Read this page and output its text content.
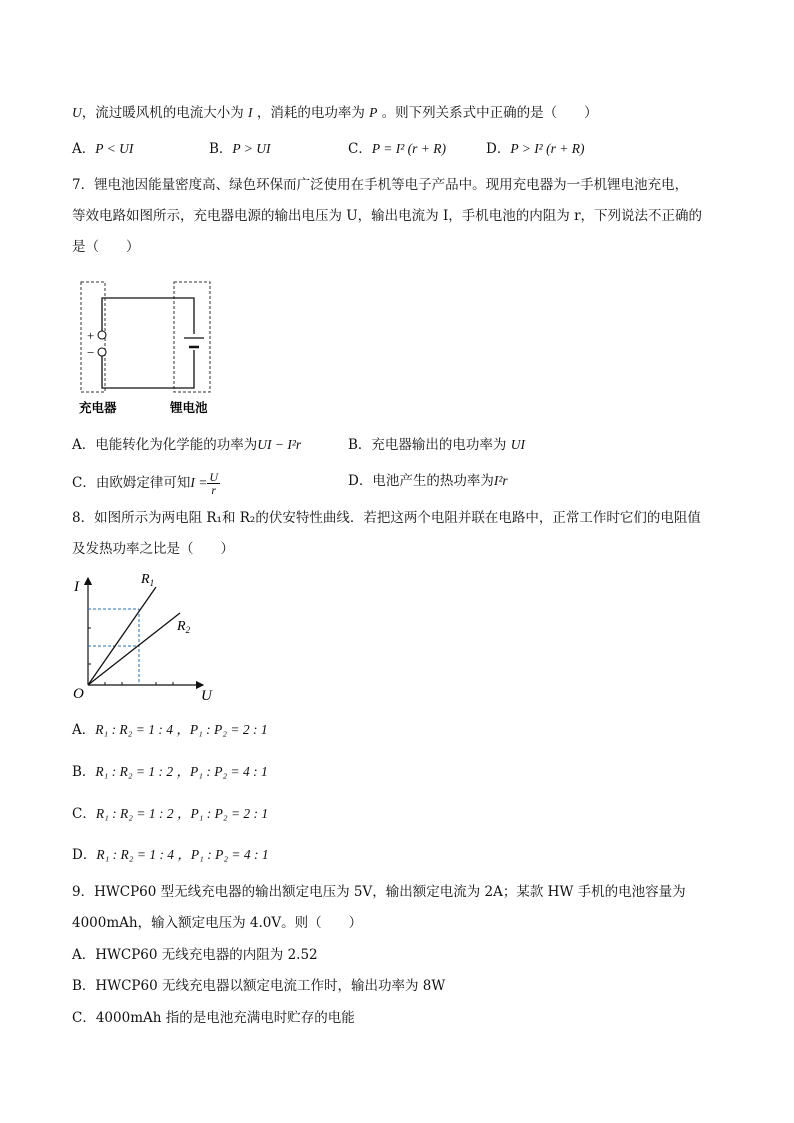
U，流过暖风机的电流大小为 I ，消耗的电功率为 P 。则下列关系式中正确的是（　　）
A．P < UI	B．P > UI	C．P = I² (r + R)	D．P > I² (r + R)
7．锂电池因能量密度高、绿色环保而广泛使用在手机等电子产品中。现用充电器为一手机锂电池充电，
等效电路如图所示，充电器电源的输出电压为 U，输出电流为 I，手机电池的内阻为 r，下列说法不正确的
是（　　）
+
−
充电器	锂电池
A．电能转化为化学能的功率为UI − I²r	B．充电器输出的电功率为 UI
C．由欧姆定律可知$I = \frac{U}{r}$	D．电池产生的热功率为I²r
8．如图所示为两电阻 R₁和 R₂的伏安特性曲线．若把这两个电阻并联在电路中，正常工作时它们的电阻值
及发热功率之比是（　　）
I
U
O
$R_1$
$R_2$
A．R₁ : R₂ = 1 : 4 ，P₁ : P₂ = 2 : 1
B．R₁ : R₂ = 1 : 2 ，P₁ : P₂ = 4 : 1
C．R₁ : R₂ = 1 : 2 ，P₁ : P₂ = 2 : 1
D．R₁ : R₂ = 1 : 4 ，P₁ : P₂ = 4 : 1
9．HWCP60 型无线充电器的输出额定电压为 5V，输出额定电流为 2A；某款 HW 手机的电池容量为
4000mAh，输入额定电压为 4.0V。则（　　）
A．HWCP60 无线充电器的内阻为 2.52
B．HWCP60 无线充电器以额定电流工作时，输出功率为 8W
C．4000mAh 指的是电池充满电时贮存的电能
